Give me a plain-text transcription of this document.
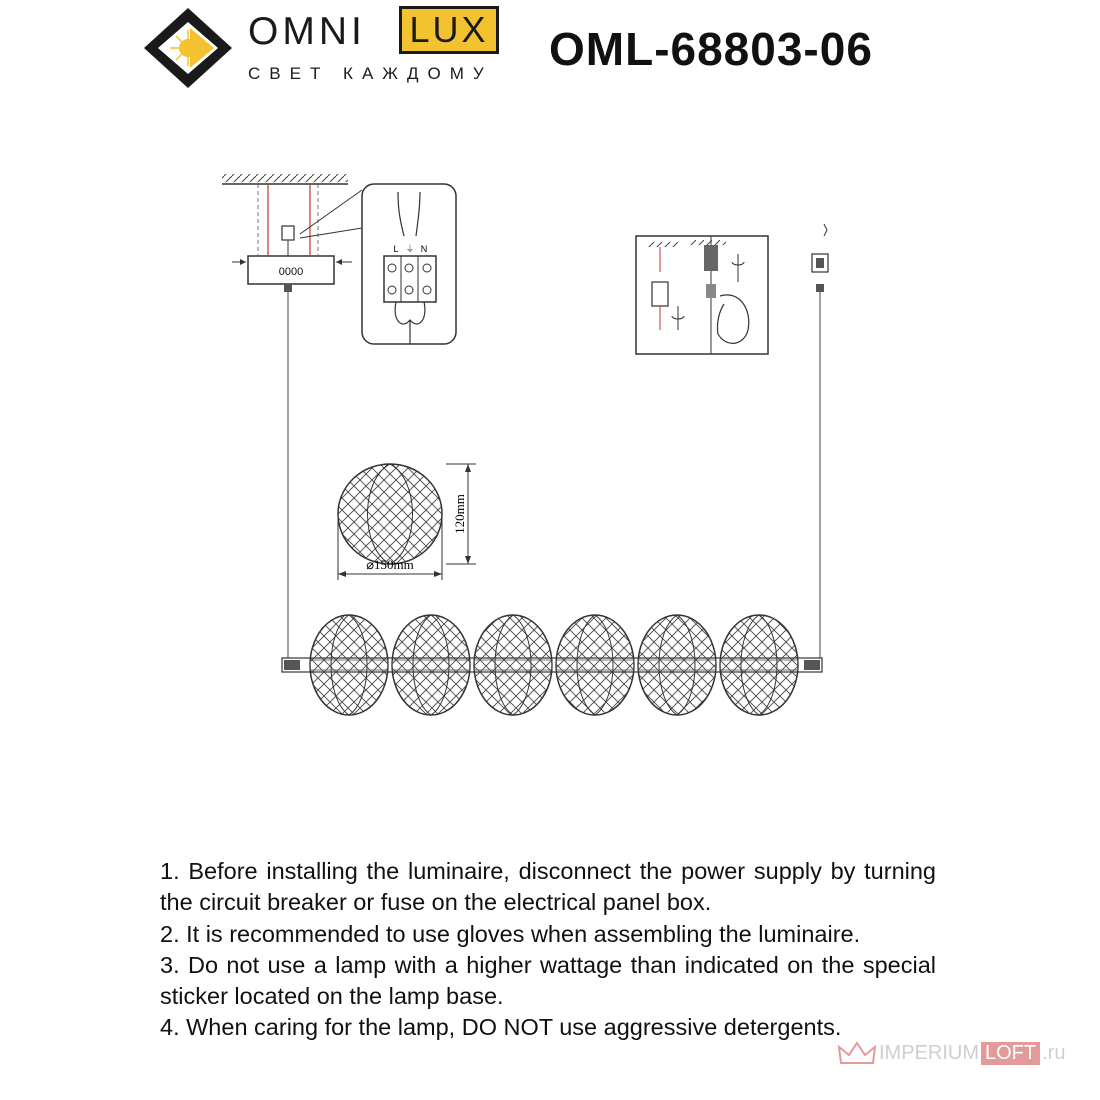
OMNI LUX
СВЕТ КАЖДОМУ OML-68803-06
0000
L ⏚ N
120mm
⌀150mm
1. Before installing the luminaire, disconnect the power supply by turning the circuit breaker or fuse on the electrical panel box.
2. It is recommended to use gloves when assembling the luminaire.
3. Do not use a lamp with a higher wattage than indicated on the special sticker located on the lamp base.
4. When caring for the lamp, DO NOT use aggressive detergents.
IMPERIUM LOFT .ru
